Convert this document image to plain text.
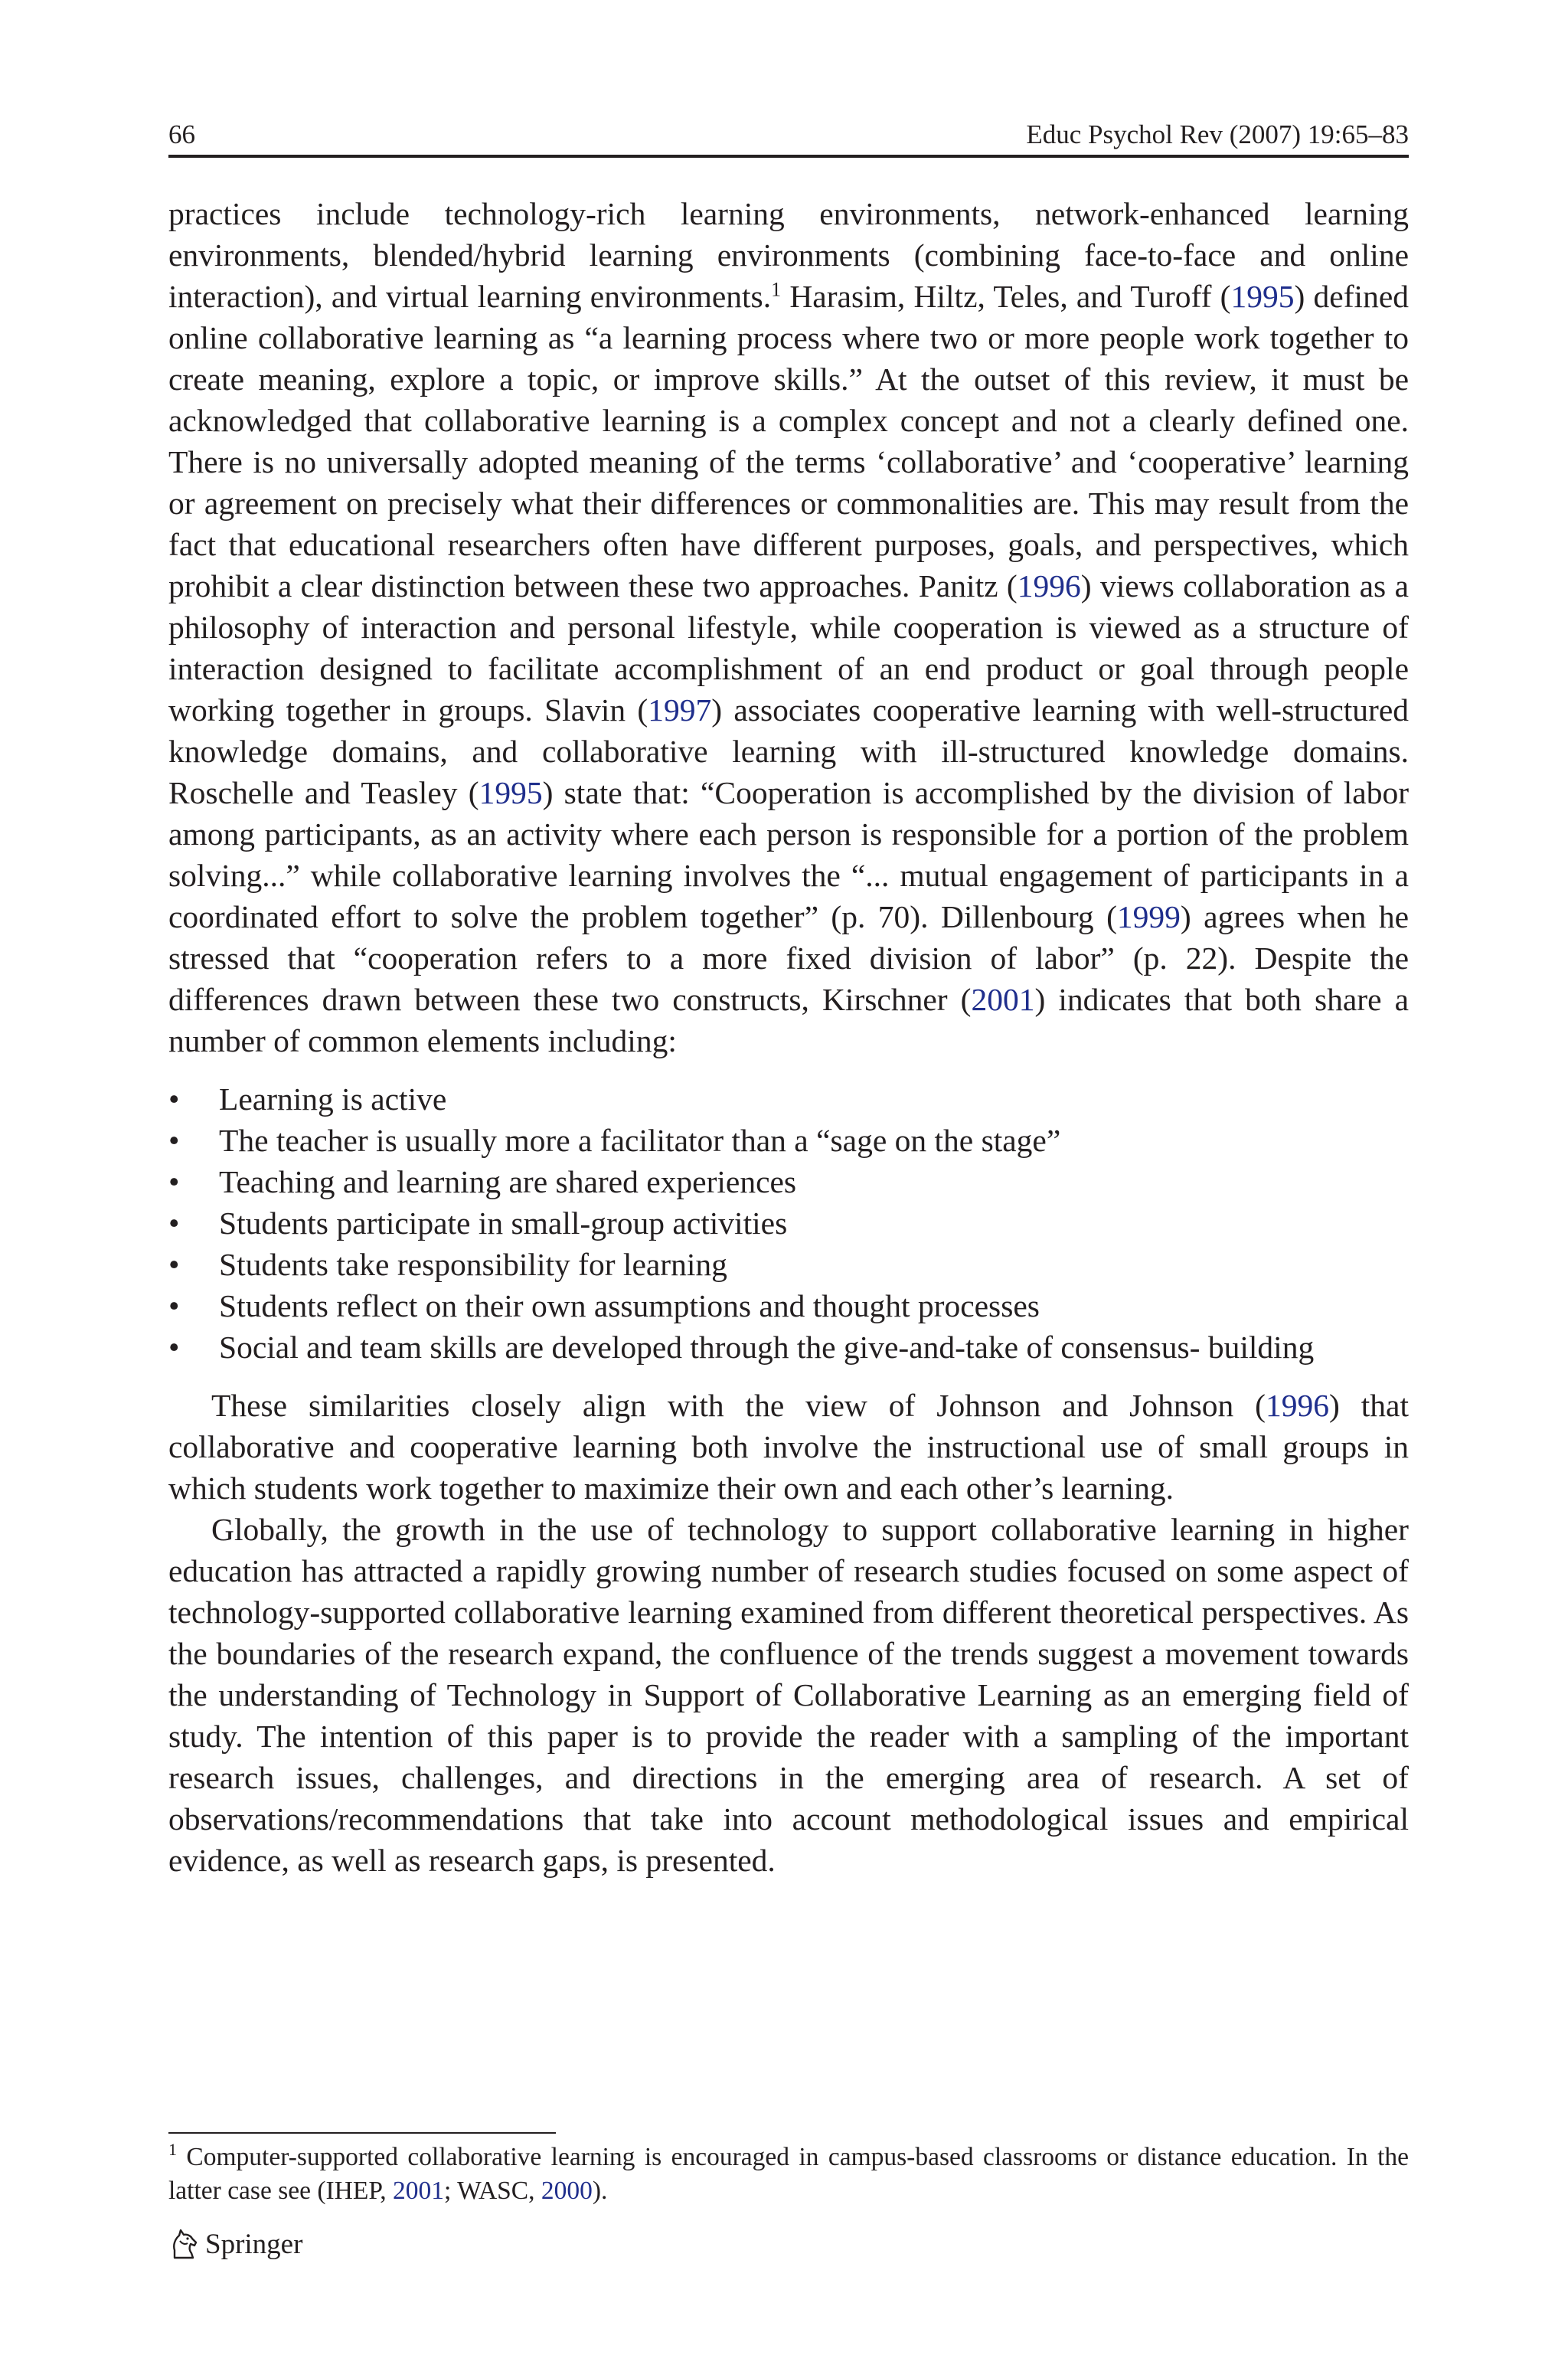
66	Educ Psychol Rev (2007) 19:65–83

practices include technology-rich learning environments, network-enhanced learning environments, blended/hybrid learning environments (combining face-to-face and online interaction), and virtual learning environments.$^1$ Harasim, Hiltz, Teles, and Turoff (1995) defined online collaborative learning as “a learning process where two or more people work together to create meaning, explore a topic, or improve skills.” At the outset of this review, it must be acknowledged that collaborative learning is a complex concept and not a clearly defined one. There is no universally adopted meaning of the terms ‘collaborative’ and ‘cooperative’ learning or agreement on precisely what their differences or commonalities are. This may result from the fact that educational researchers often have different purposes, goals, and perspectives, which prohibit a clear distinction between these two approaches. Panitz (1996) views collaboration as a philosophy of interaction and personal lifestyle, while cooperation is viewed as a structure of interaction designed to facilitate accomplishment of an end product or goal through people working together in groups. Slavin (1997) associates cooperative learning with well-structured knowledge domains, and collaborative learning with ill-structured knowledge domains. Roschelle and Teasley (1995) state that: “Cooperation is accomplished by the division of labor among participants, as an activity where each person is responsible for a portion of the problem solving...” while collaborative learning involves the “... mutual engagement of participants in a coordinated effort to solve the problem together” (p. 70). Dillenbourg (1999) agrees when he stressed that “cooperation refers to a more fixed division of labor” (p. 22). Despite the differences drawn between these two constructs, Kirschner (2001) indicates that both share a number of common elements including:

• Learning is active
• The teacher is usually more a facilitator than a “sage on the stage”
• Teaching and learning are shared experiences
• Students participate in small-group activities
• Students take responsibility for learning
• Students reflect on their own assumptions and thought processes
• Social and team skills are developed through the give-and-take of consensus- building

These similarities closely align with the view of Johnson and Johnson (1996) that collaborative and cooperative learning both involve the instructional use of small groups in which students work together to maximize their own and each other’s learning.

Globally, the growth in the use of technology to support collaborative learning in higher education has attracted a rapidly growing number of research studies focused on some aspect of technology-supported collaborative learning examined from different theoretical perspectives. As the boundaries of the research expand, the confluence of the trends suggest a movement towards the understanding of Technology in Support of Collaborative Learning as an emerging field of study. The intention of this paper is to provide the reader with a sampling of the important research issues, challenges, and directions in the emerging area of research. A set of observations/recommendations that take into account methodological issues and empirical evidence, as well as research gaps, is presented.

$^1$ Computer-supported collaborative learning is encouraged in campus-based classrooms or distance education. In the latter case see (IHEP, 2001; WASC, 2000).
Springer
